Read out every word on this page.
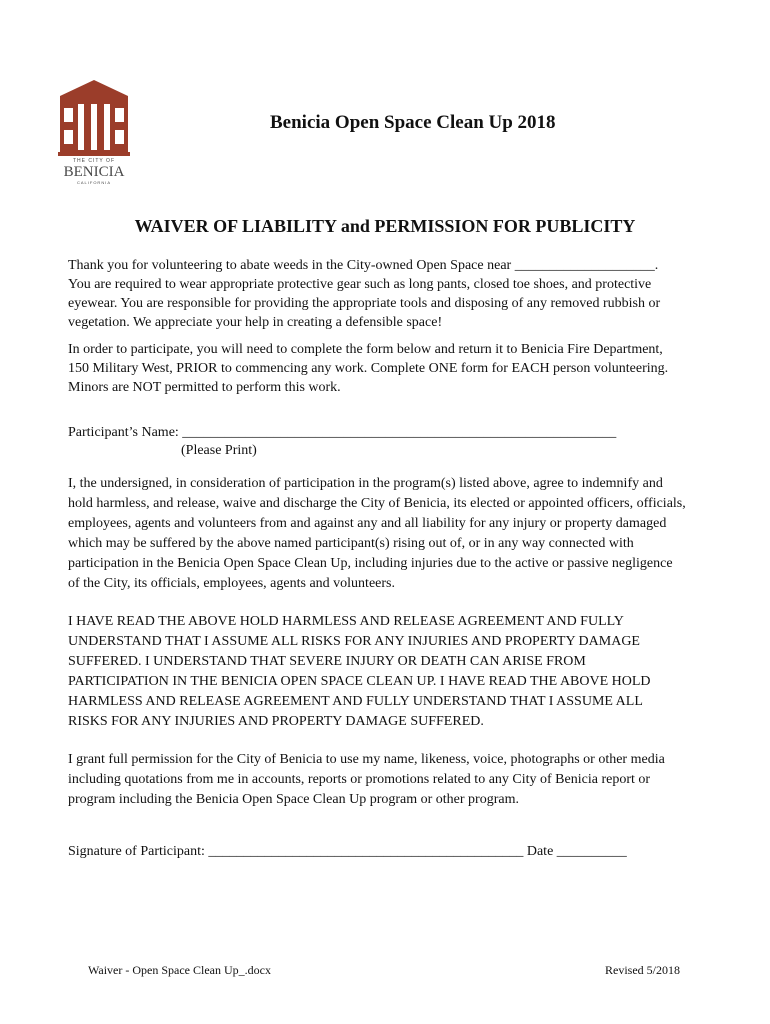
THE CITY OF
BENICIA
CALIFORNIA
Benicia Open Space Clean Up 2018
WAIVER OF LIABILITY and PERMISSION FOR PUBLICITY
Thank you for volunteering to abate weeds in the City-owned Open Space near ____________________.
You are required to wear appropriate protective gear such as long pants, closed toe shoes, and protective
eyewear. You are responsible for providing the appropriate tools and disposing of any removed rubbish or
vegetation. We appreciate your help in creating a defensible space!
In order to participate, you will need to complete the form below and return it to Benicia Fire Department,
150 Military West, PRIOR to commencing any work. Complete ONE form for EACH person volunteering.
Minors are NOT permitted to perform this work.
Participant’s Name: ______________________________________________________________
(Please Print)
I, the undersigned, in consideration of participation in the program(s) listed above, agree to indemnify and
hold harmless, and release, waive and discharge the City of Benicia, its elected or appointed officers, officials,
employees, agents and volunteers from and against any and all liability for any injury or property damaged
which may be suffered by the above named participant(s) rising out of, or in any way connected with
participation in the Benicia Open Space Clean Up, including injuries due to the active or passive negligence
of the City, its officials, employees, agents and volunteers.
I HAVE READ THE ABOVE HOLD HARMLESS AND RELEASE AGREEMENT AND FULLY
UNDERSTAND THAT I ASSUME ALL RISKS FOR ANY INJURIES AND PROPERTY DAMAGE
SUFFERED. I UNDERSTAND THAT SEVERE INJURY OR DEATH CAN ARISE FROM
PARTICIPATION IN THE BENICIA OPEN SPACE CLEAN UP. I HAVE READ THE ABOVE HOLD
HARMLESS AND RELEASE AGREEMENT AND FULLY UNDERSTAND THAT I ASSUME ALL
RISKS FOR ANY INJURIES AND PROPERTY DAMAGE SUFFERED.
I grant full permission for the City of Benicia to use my name, likeness, voice, photographs or other media
including quotations from me in accounts, reports or promotions related to any City of Benicia report or
program including the Benicia Open Space Clean Up program or other program.
Signature of Participant: _____________________________________________ Date __________
Waiver - Open Space Clean Up_.docx	Revised 5/2018
